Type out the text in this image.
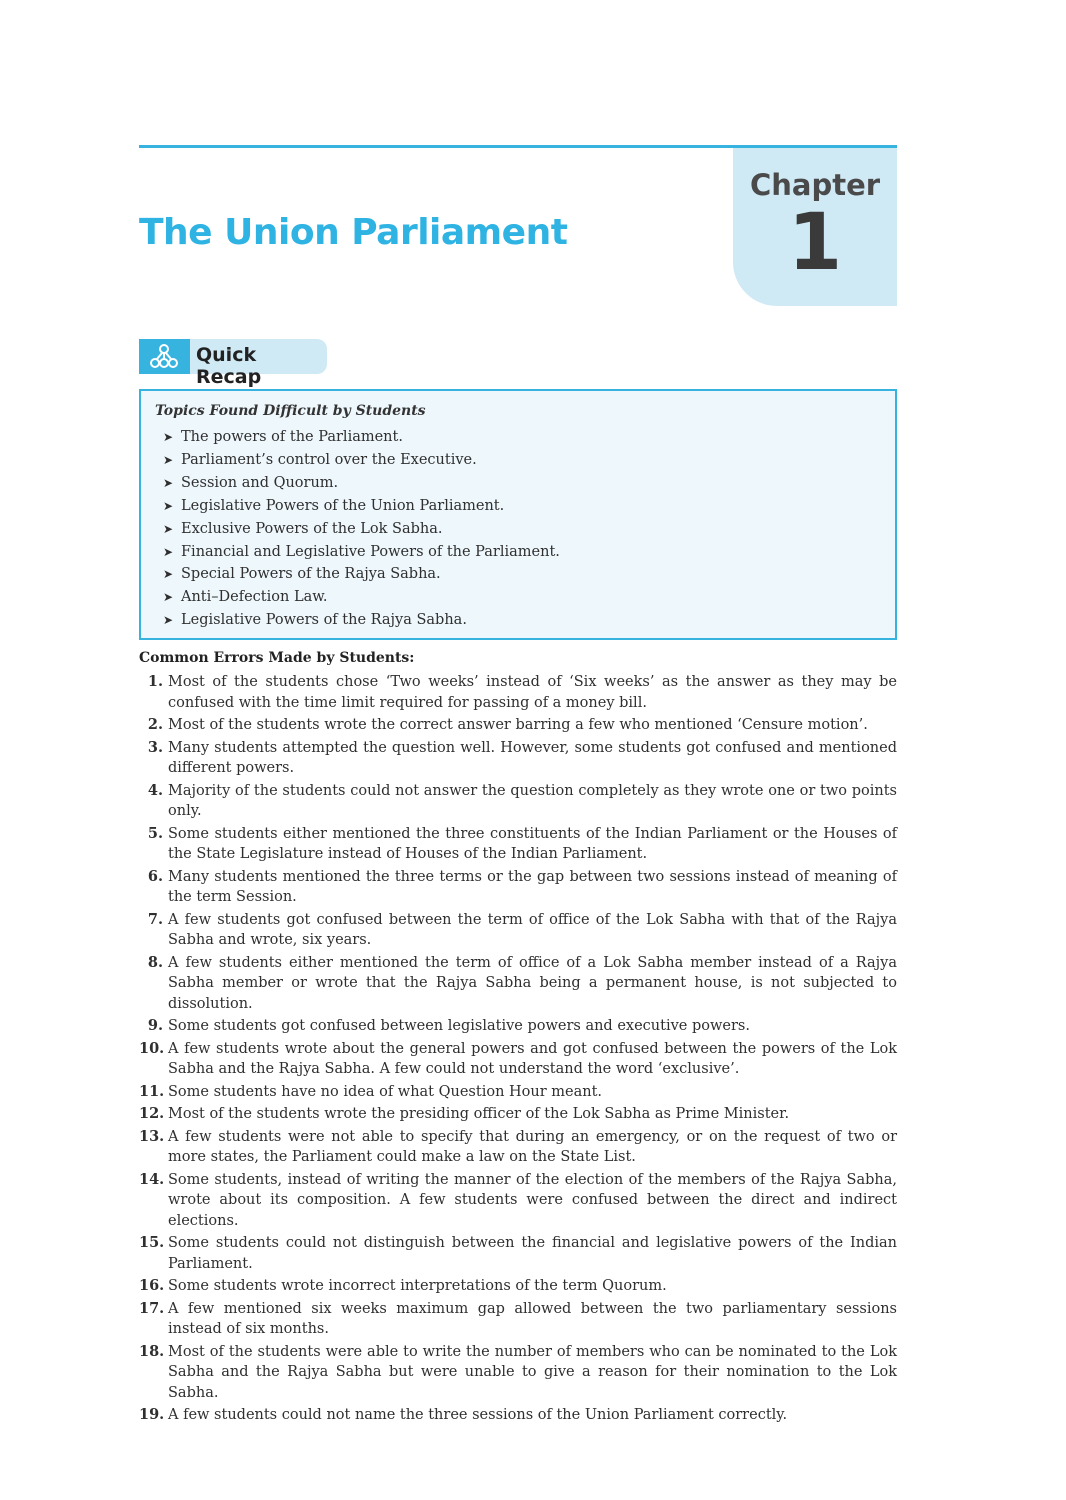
Chapter
1
The Union Parliament
Quick Recap
Topics Found Difficult by Students
➤ The powers of the Parliament.
➤ Parliament’s control over the Executive.
➤ Session and Quorum.
➤ Legislative Powers of the Union Parliament.
➤ Exclusive Powers of the Lok Sabha.
➤ Financial and Legislative Powers of the Parliament.
➤ Special Powers of the Rajya Sabha.
➤ Anti–Defection Law.
➤ Legislative Powers of the Rajya Sabha.
Common Errors Made by Students:
1. Most of the students chose ‘Two weeks’ instead of ‘Six weeks’ as the answer as they may be confused with the time limit required for passing of a money bill.
2. Most of the students wrote the correct answer barring a few who mentioned ‘Censure motion’.
3. Many students attempted the question well. However, some students got confused and mentioned different powers.
4. Majority of the students could not answer the question completely as they wrote one or two points only.
5. Some students either mentioned the three constituents of the Indian Parliament or the Houses of the State Legislature instead of Houses of the Indian Parliament.
6. Many students mentioned the three terms or the gap between two sessions instead of meaning of the term Session.
7. A few students got confused between the term of office of the Lok Sabha with that of the Rajya Sabha and wrote, six years.
8. A few students either mentioned the term of office of a Lok Sabha member instead of a Rajya Sabha member or wrote that the Rajya Sabha being a permanent house, is not subjected to dissolution.
9. Some students got confused between legislative powers and executive powers.
10. A few students wrote about the general powers and got confused between the powers of the Lok Sabha and the Rajya Sabha. A few could not understand the word ‘exclusive’.
11. Some students have no idea of what Question Hour meant.
12. Most of the students wrote the presiding officer of the Lok Sabha as Prime Minister.
13. A few students were not able to specify that during an emergency, or on the request of two or more states, the Parliament could make a law on the State List.
14. Some students, instead of writing the manner of the election of the members of the Rajya Sabha, wrote about its composition. A few students were confused between the direct and indirect elections.
15. Some students could not distinguish between the financial and legislative powers of the Indian Parliament.
16. Some students wrote incorrect interpretations of the term Quorum.
17. A few mentioned six weeks maximum gap allowed between the two parliamentary sessions instead of six months.
18. Most of the students were able to write the number of members who can be nominated to the Lok Sabha and the Rajya Sabha but were unable to give a reason for their nomination to the Lok Sabha.
19. A few students could not name the three sessions of the Union Parliament correctly.
